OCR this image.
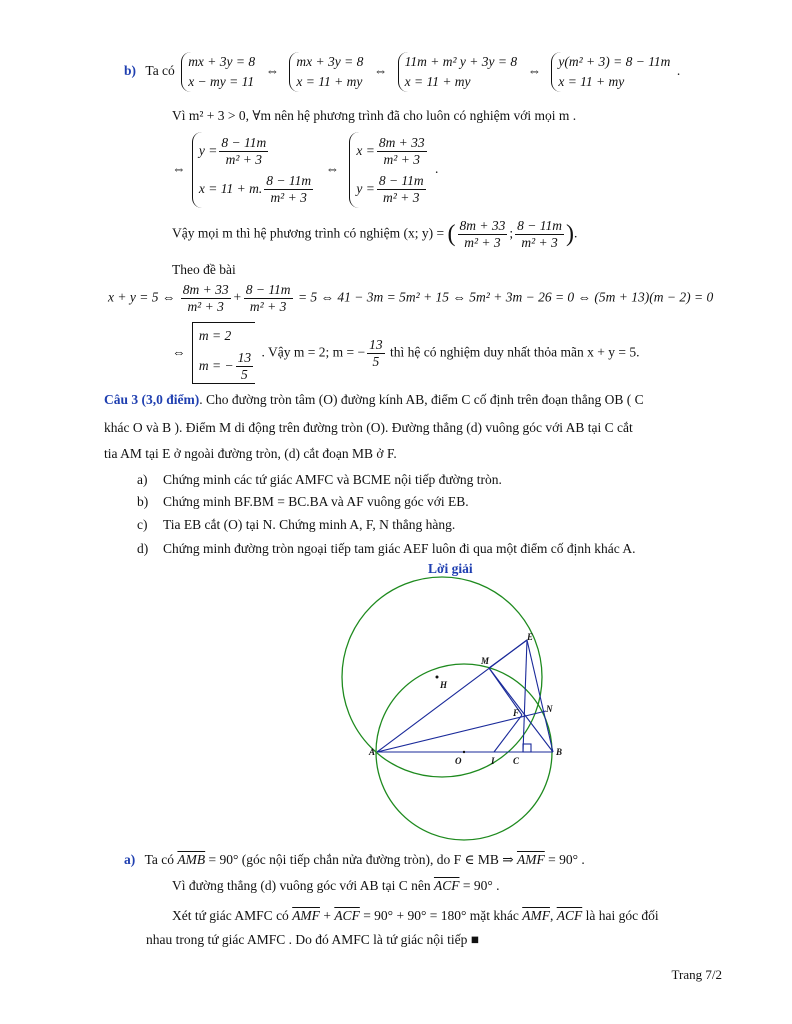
b) Ta có
mx + 3y = 8
x − my = 11
⇔
mx + 3y = 8
x = 11 + my
⇔
11m + m² y + 3y = 8
x = 11 + my
⇔
y(m² + 3) = 8 − 11m
x = 11 + my
.
Vì m² + 3 > 0, ∀m nên hệ phương trình đã cho luôn có nghiệm với mọi m .
⇔
$y = \frac{8 - 11m}{\text{m² + 3}}$
x = 11 + m. $\frac{8 - 11m}{\text{m² + 3}}$
⇔
$x = \frac{8m + 33}{\text{m² + 3}}$
$y = \frac{8 - 11m}{\text{m² + 3}}$
.
Vậy mọi m thì hệ phương trình có nghiệm (x; y) = ( $\frac{8m + 33}{\text{m² + 3}}$ ; $\frac{8 - 11m}{\text{m² + 3}}$ ).
Theo đề bài
x + y = 5 ⇔ $\frac{8m + 33}{\text{m² + 3}} + \frac{8 - 11m}{\text{m² + 3}} = 5$ ⇔ 41 − 3m = 5m² + 15 ⇔ 5m² + 3m − 26 = 0 ⇔ (5m + 13)(m − 2) = 0
⇔
m = 2
m = − $\frac{13}{5}$ . Vậy m = 2; m = − $\frac{13}{5}$ thì hệ có nghiệm duy nhất thỏa mãn x + y = 5.
Câu 3 (3,0 điểm). Cho đường tròn tâm (O) đường kính AB, điểm C cố định trên đoạn thẳng OB ( C
khác O và B ). Điểm M di động trên đường tròn (O). Đường thẳng (d) vuông góc với AB tại C cắt
tia AM tại E ở ngoài đường tròn, (d) cắt đoạn MB ở F.
a) Chứng minh các tứ giác AMFC và BCME nội tiếp đường tròn.
b) Chứng minh BF.BM = BC.BA và AF vuông góc với EB.
c) Tia EB cắt (O) tại N. Chứng minh A, F, N thẳng hàng.
d) Chứng minh đường tròn ngoại tiếp tam giác AEF luôn đi qua một điểm cố định khác A.
Lời giải
E
M
H
F	N
A
O	I C
B
a) Ta có $\overline{AMB} = 90^\circ$ (góc nội tiếp chắn nửa đường tròn), do F ∈ MB ⇒ $\overline{AMF} = 90^\circ$ .
Vì đường thẳng (d) vuông góc với AB tại C nên $\overline{ACF} = 90^\circ$ .
Xét tứ giác AMFC có $\overline{AMF} + \overline{ACF} = 90^\circ + 90^\circ = 180^\circ$ mặt khác $\overline{AMF}$, $\overline{ACF}$ là hai góc đối
nhau trong tứ giác AMFC . Do đó AMFC là tứ giác nội tiếp ■
Trang 7/2
